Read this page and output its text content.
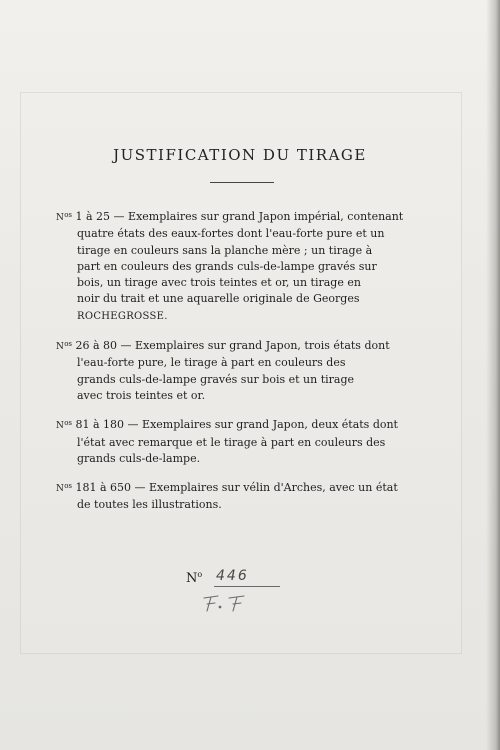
JUSTIFICATION DU TIRAGE
$N^{os}$ 1 à 25 — Exemplaires sur grand Japon impérial, contenant
quatre états des eaux-fortes dont l'eau-forte pure et un
tirage en couleurs sans la planche mère ; un tirage à
part en couleurs des grands culs-de-lampe gravés sur
bois, un tirage avec trois teintes et or, un tirage en
noir du trait et une aquarelle originale de Georges
ROCHEGROSSE.
$N^{os}$ 26 à 80 — Exemplaires sur grand Japon, trois états dont
l'eau-forte pure, le tirage à part en couleurs des
grands culs-de-lampe gravés sur bois et un tirage
avec trois teintes et or.
$N^{os}$ 81 à 180 — Exemplaires sur grand Japon, deux états dont
l'état avec remarque et le tirage à part en couleurs des
grands culs-de-lampe.
$N^{os}$ 181 à 650 — Exemplaires sur vélin d'Arches, avec un état
de toutes les illustrations.
$N^o$ 446
